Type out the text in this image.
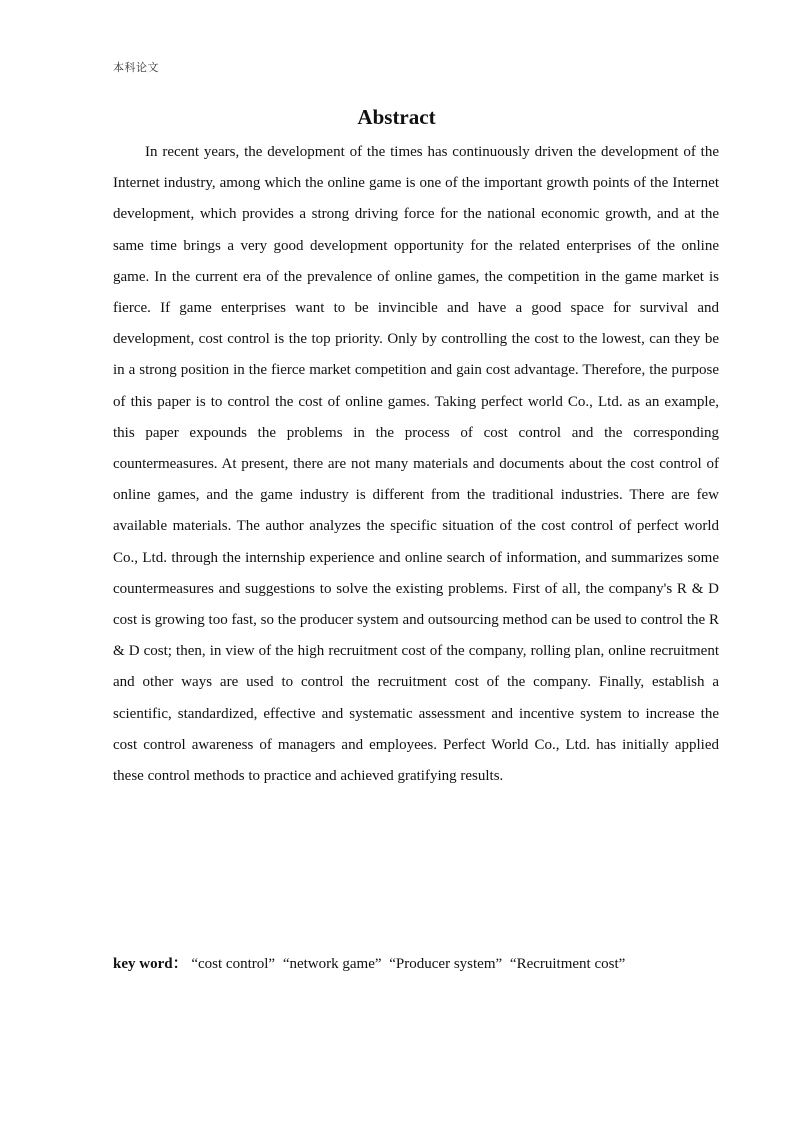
本科论文
Abstract

In recent years, the development of the times has continuously driven the development of the Internet industry, among which the online game is one of the important growth points of the Internet development, which provides a strong driving force for the national economic growth, and at the same time brings a very good development opportunity for the related enterprises of the online game. In the current era of the prevalence of online games, the competition in the game market is fierce. If game enterprises want to be invincible and have a good space for survival and development, cost control is the top priority. Only by controlling the cost to the lowest, can they be in a strong position in the fierce market competition and gain cost advantage. Therefore, the purpose of this paper is to control the cost of online games. Taking perfect world Co., Ltd. as an example, this paper expounds the problems in the process of cost control and the corresponding countermeasures. At present, there are not many materials and documents about the cost control of online games, and the game industry is different from the traditional industries. There are few available materials. The author analyzes the specific situation of the cost control of perfect world Co., Ltd. through the internship experience and online search of information, and summarizes some countermeasures and suggestions to solve the existing problems. First of all, the company's R & D cost is growing too fast, so the producer system and outsourcing method can be used to control the R & D cost; then, in view of the high recruitment cost of the company, rolling plan, online recruitment and other ways are used to control the recruitment cost of the company. Finally, establish a scientific, standardized, effective and systematic assessment and incentive system to increase the cost control awareness of managers and employees. Perfect World Co., Ltd. has initially applied these control methods to practice and achieved gratifying results.

key word： “cost control” “network game” “Producer system” “Recruitment cost”
